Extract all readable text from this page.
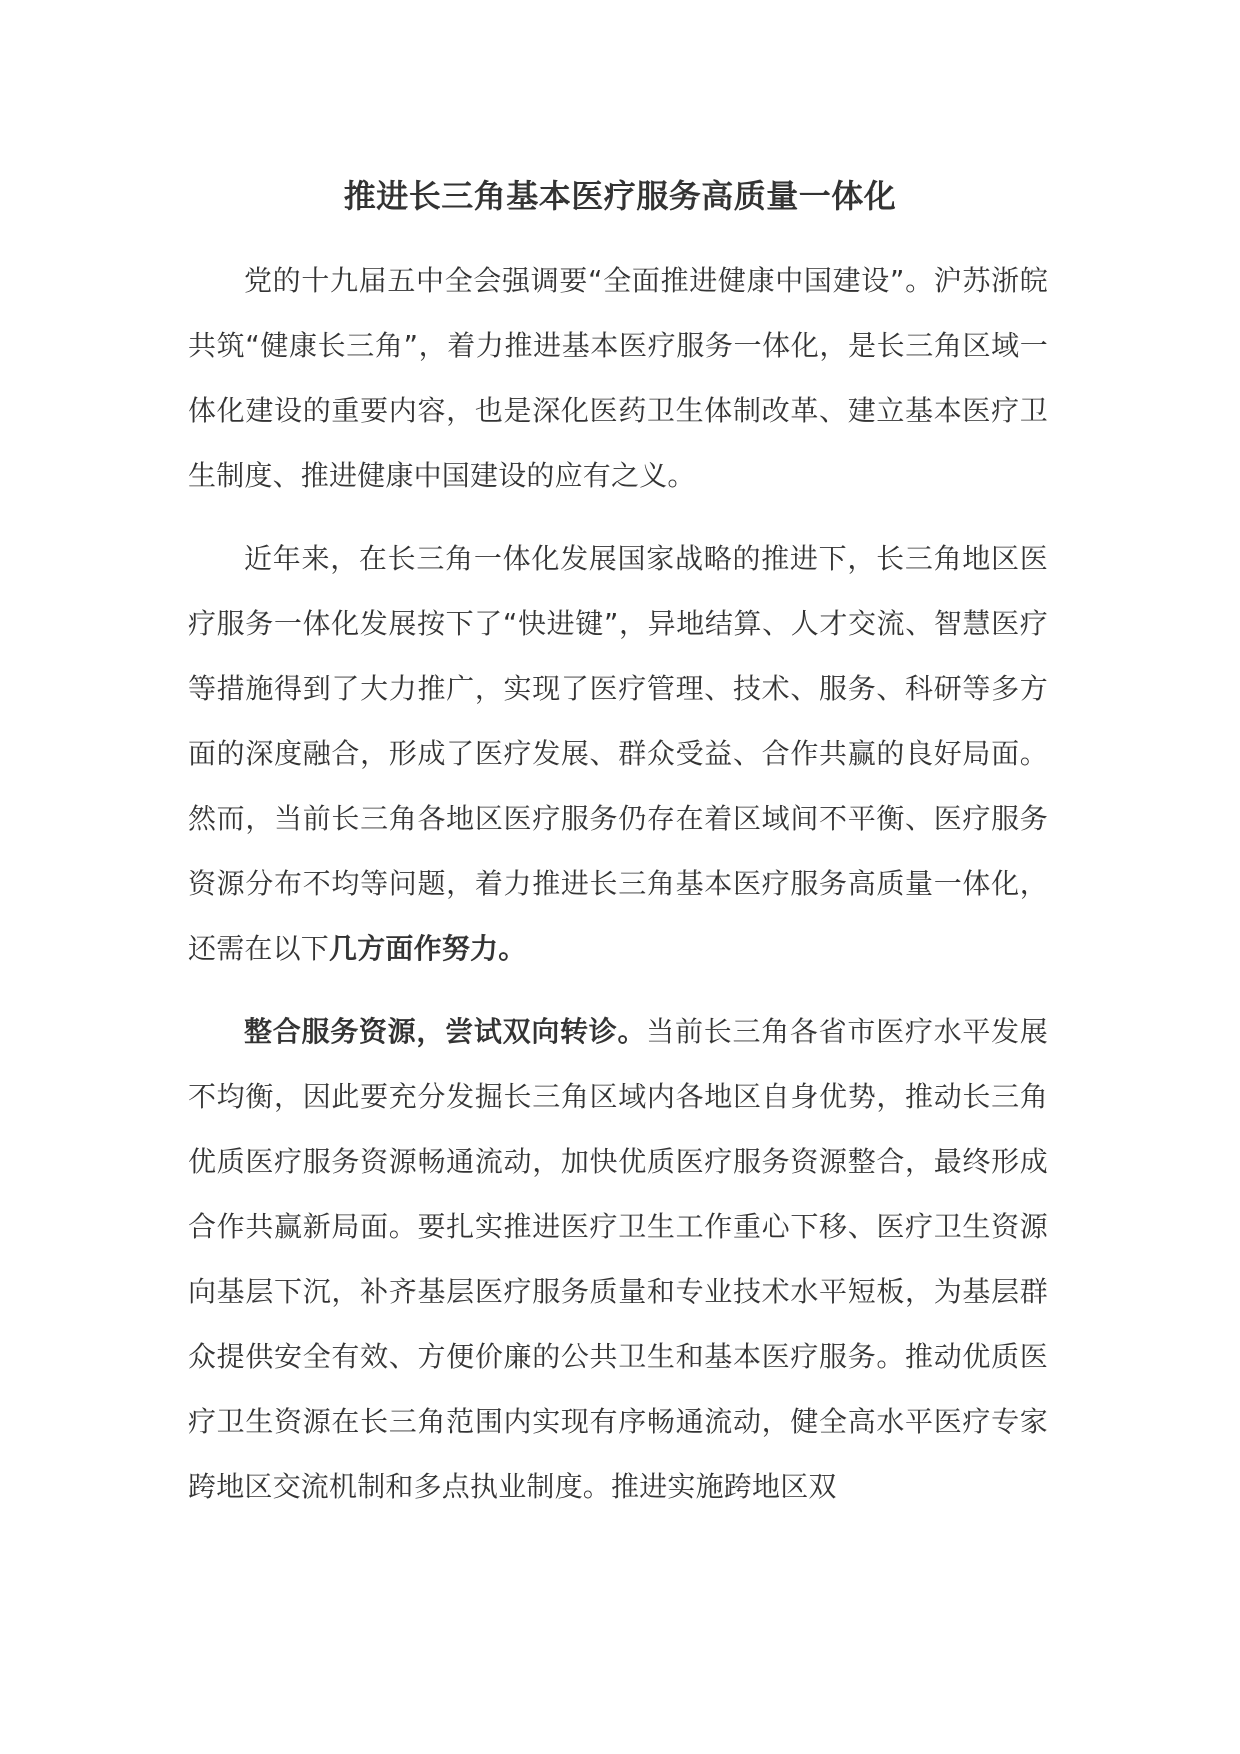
推进长三角基本医疗服务高质量一体化

党的十九届五中全会强调要“全面推进健康中国建设”。沪苏浙皖共筑“健康长三角”，着力推进基本医疗服务一体化，是长三角区域一体化建设的重要内容，也是深化医药卫生体制改革、建立基本医疗卫生制度、推进健康中国建设的应有之义。

近年来，在长三角一体化发展国家战略的推进下，长三角地区医疗服务一体化发展按下了“快进键”，异地结算、人才交流、智慧医疗等措施得到了大力推广，实现了医疗管理、技术、服务、科研等多方面的深度融合，形成了医疗发展、群众受益、合作共赢的良好局面。然而，当前长三角各地区医疗服务仍存在着区域间不平衡、医疗服务资源分布不均等问题，着力推进长三角基本医疗服务高质量一体化，还需在以下几方面作努力。

整合服务资源，尝试双向转诊。当前长三角各省市医疗水平发展不均衡，因此要充分发掘长三角区域内各地区自身优势，推动长三角优质医疗服务资源畅通流动，加快优质医疗服务资源整合，最终形成合作共赢新局面。要扎实推进医疗卫生工作重心下移、医疗卫生资源向基层下沉，补齐基层医疗服务质量和专业技术水平短板，为基层群众提供安全有效、方便价廉的公共卫生和基本医疗服务。推动优质医疗卫生资源在长三角范围内实现有序畅通流动，健全高水平医疗专家跨地区交流机制和多点执业制度。推进实施跨地区双
